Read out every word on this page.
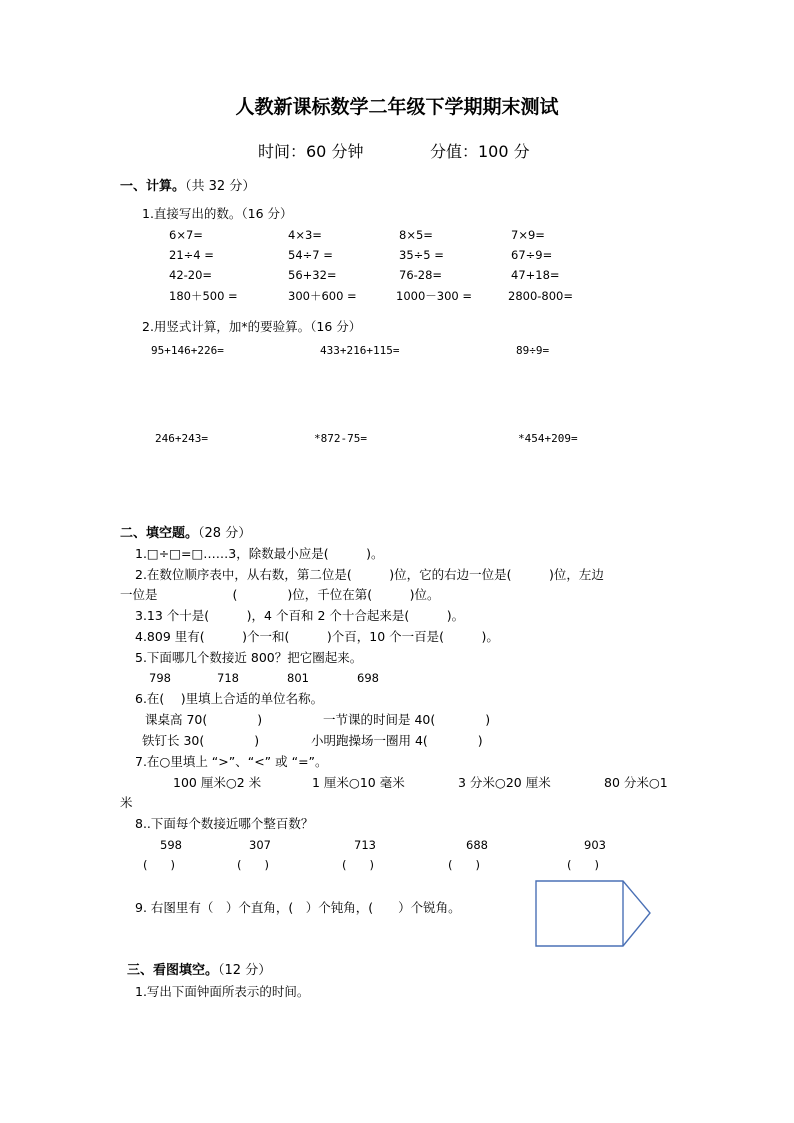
人教新课标数学二年级下学期期末测试
时间：60 分钟	分值：100 分
一、计算。（共 32 分）
1.直接写出的数。（16 分）
6×7=	4×3=	8×5=	7×9=
21÷4 =	54÷7 =	35÷5 =	67÷9=
42-20=	56+32=	76-28=	47+18=
180＋500 =	300＋600 =	1000－300 =	2800-800=
2.用竖式计算，加*的要验算。（16 分）
95+146+226=	433+216+115=	89÷9=
246+243=	*872-75=	*454+209=
二、填空题。（28 分）
1.□÷□=□……3，除数最小应是(　　　)。
2.在数位顺序表中，从右数，第二位是(　　　)位，它的右边一位是(　　　)位，左边
一位是　　　　　　(　　　　)位，千位在第(　　　)位。
3.13 个十是(　　　)，4 个百和 2 个十合起来是(　　　)。
4.809 里有(　　　)个一和(　　　)个百，10 个一百是(　　　)。
5.下面哪几个数接近 800？把它圈起来。
798	718	801	698
6.在(　 )里填上合适的单位名称。
课桌高 70(　　　　)	一节课的时间是 40(　　　　)
铁钉长 30(　　　　)	小明跑操场一圈用 4(　　　　)
7.在○里填上 “>”、“<” 或 “=”。
100 厘米○2 米	1 厘米○10 毫米	3 分米○20 厘米	80 分米○1
米
8..下面每个数接近哪个整百数？
598	307	713	688	903
(　　)	(　　)	(　　)	(　　)	(　　)
9. 右图里有（　）个直角，(　）个钝角，(　　）个锐角。
三、看图填空。（12 分）
1.写出下面钟面所表示的时间。
